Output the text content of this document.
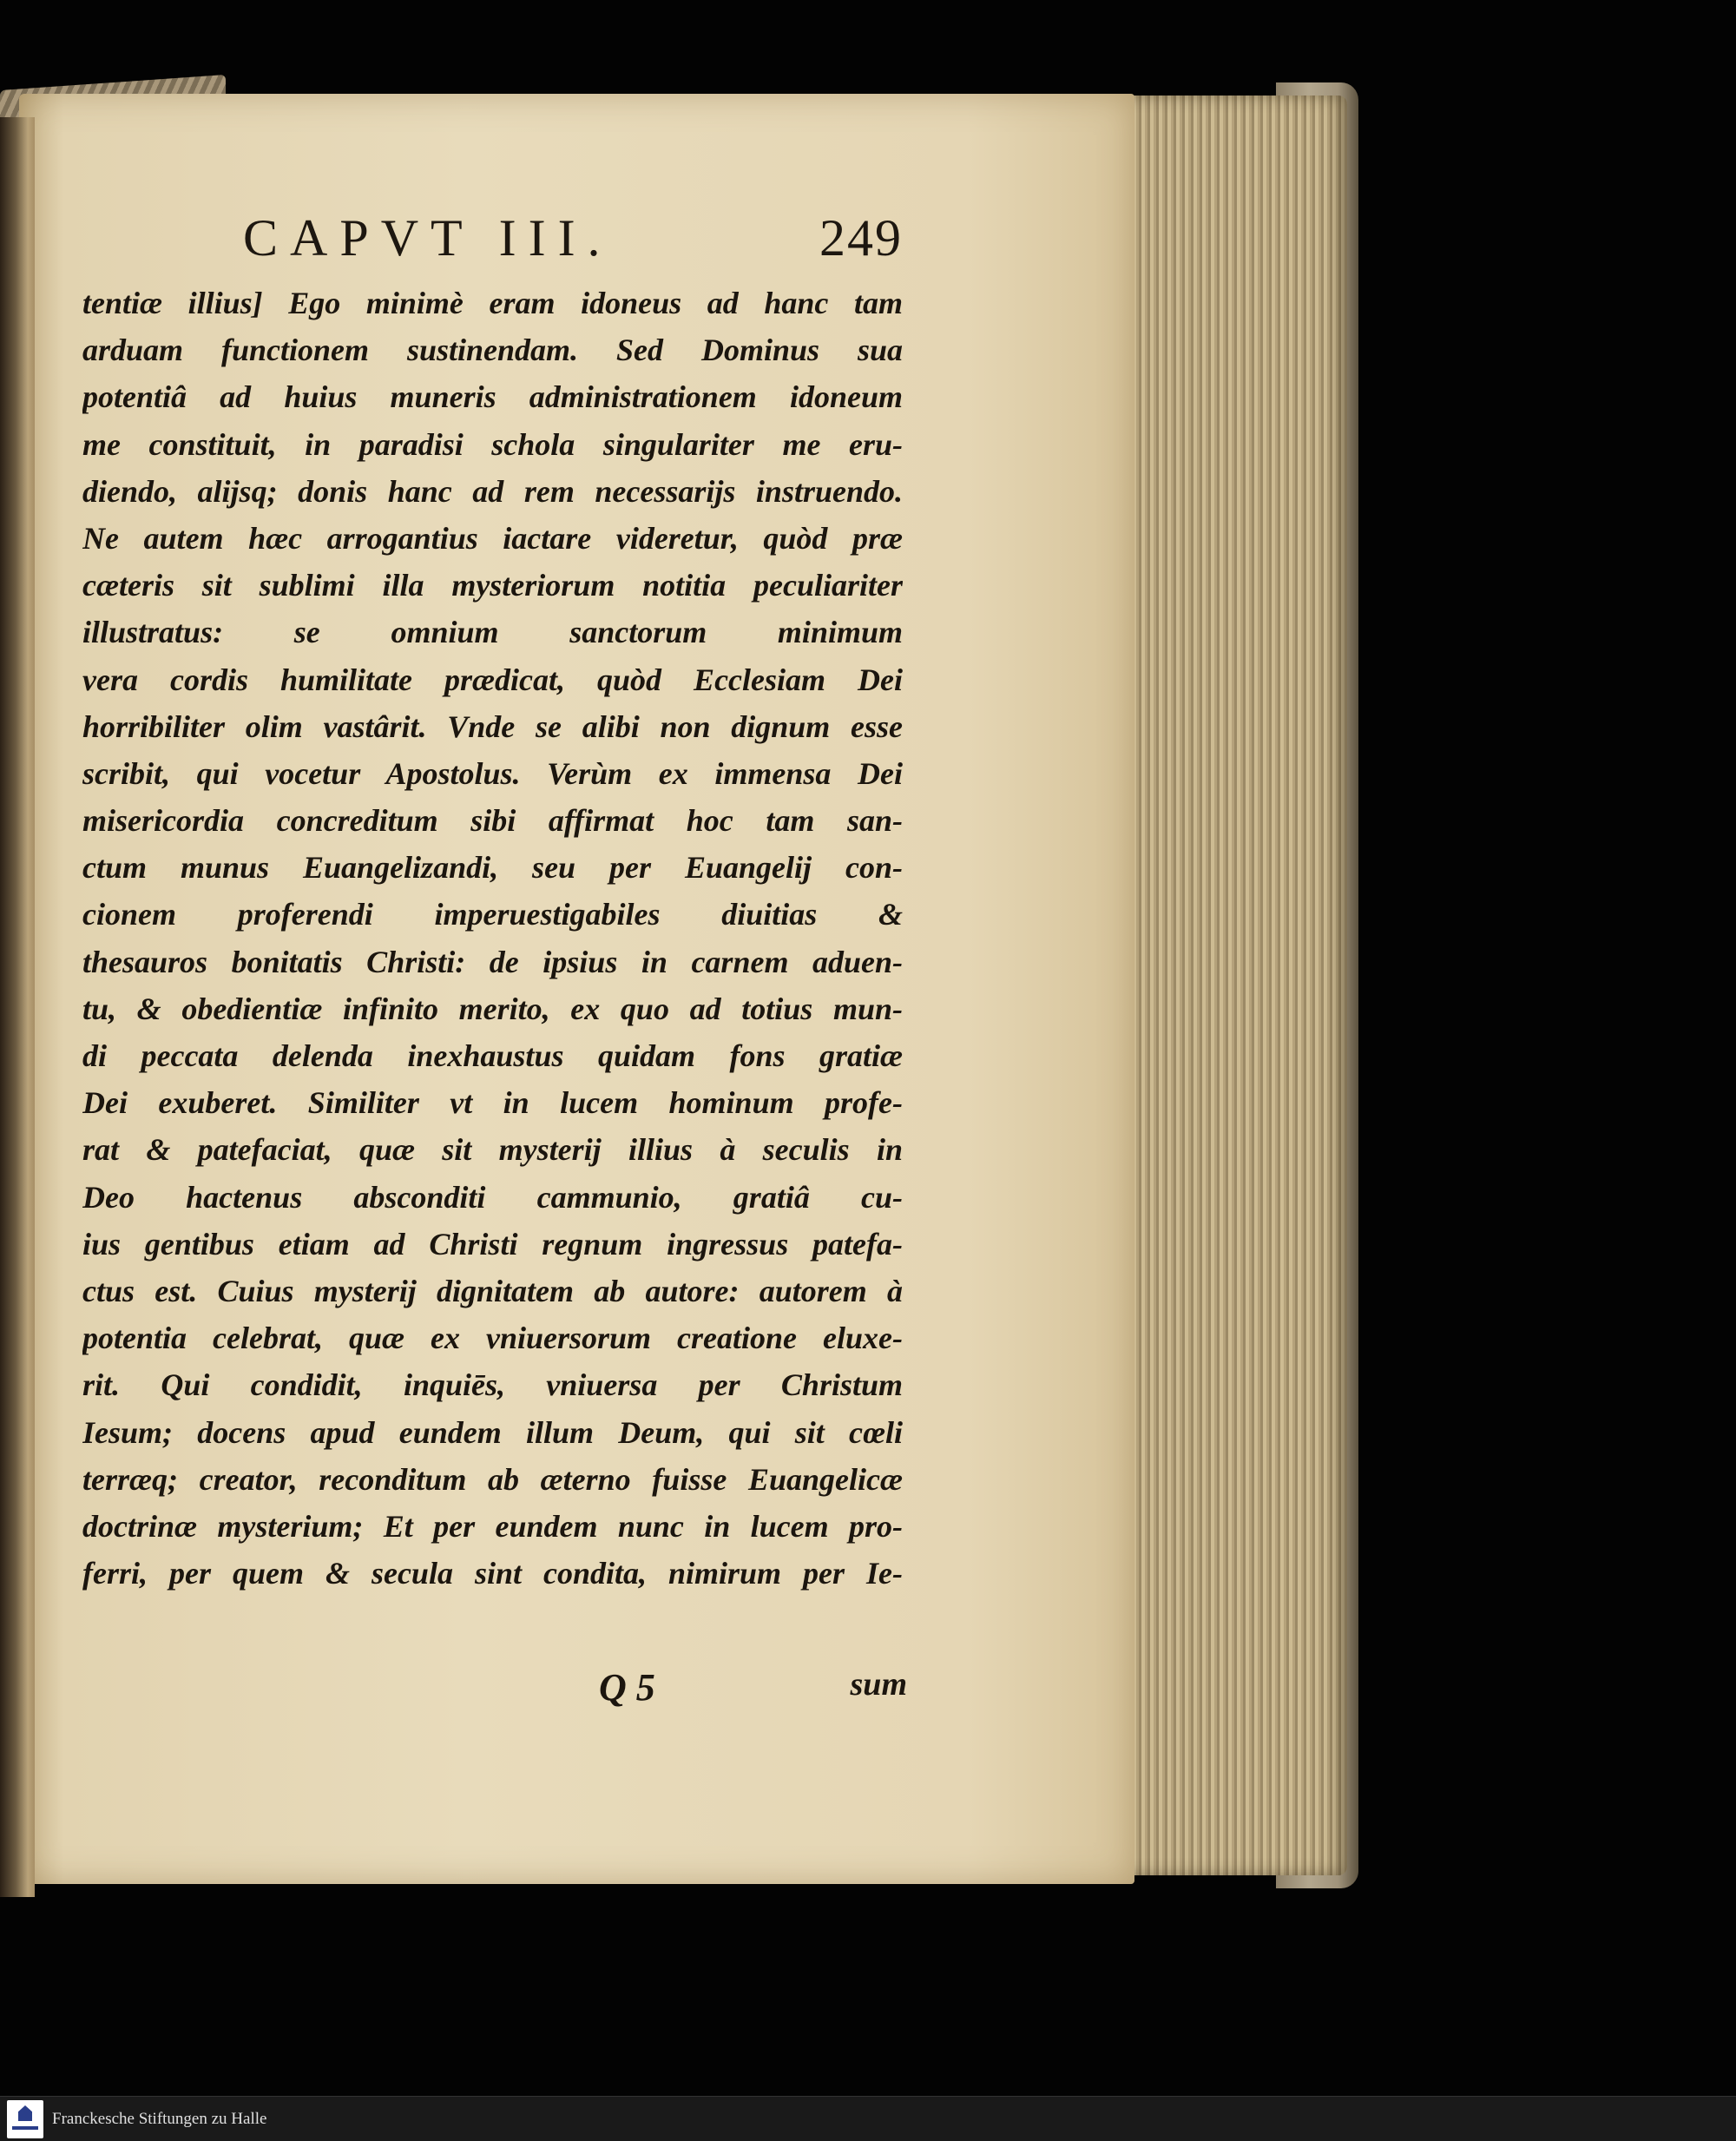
CAPVT III.	249
tentiæ illius] Ego minimè eram idoneus ad hanc tam
arduam functionem sustinendam. Sed Dominus sua
potentiâ ad huius muneris administrationem idoneum
me constituit, in paradisi schola singulariter me eru-
diendo, alijsq; donis hanc ad rem necessarijs instruendo.
Ne autem hæc arrogantius iactare videretur, quòd præ
cæteris sit sublimi illa mysteriorum notitia peculiariter
illustratus: se omnium sanctorum minimum
vera cordis humilitate prædicat, quòd Ecclesiam Dei
horribiliter olim vastârit. Vnde se alibi non dignum esse
scribit, qui vocetur Apostolus. Verùm ex immensa Dei
misericordia concreditum sibi affirmat hoc tam san-
ctum munus Euangelizandi, seu per Euangelij con-
cionem proferendi imperuestigabiles diuitias &
thesauros bonitatis Christi: de ipsius in carnem aduen-
tu, & obedientiæ infinito merito, ex quo ad totius mun-
di peccata delenda inexhaustus quidam fons gratiæ
Dei exuberet. Similiter vt in lucem hominum profe-
rat & patefaciat, quæ sit mysterij illius à seculis in
Deo hactenus absconditi cammunio, gratiâ cu-
ius gentibus etiam ad Christi regnum ingressus patefa-
ctus est. Cuius mysterij dignitatem ab autore: autorem à
potentia celebrat, quæ ex vniuersorum creatione eluxe-
rit. Qui condidit, inquiēs, vniuersa per Christum
Iesum; docens apud eundem illum Deum, qui sit cœli
terræq; creator, reconditum ab æterno fuisse Euangelicæ
doctrinæ mysterium; Et per eundem nunc in lucem pro-
ferri, per quem & secula sint condita, nimirum per Ie-
Q 5	sum
Franckesche Stiftungen zu Halle
